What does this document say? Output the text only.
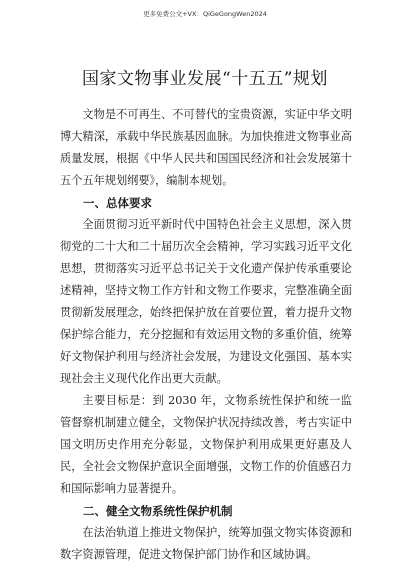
更多免费公文+VX：QiGeGongWen2024
国家文物事业发展“十五五”规划

文物是不可再生、不可替代的宝贵资源，实证中华文明博大精深，承载中华民族基因血脉。为加快推进文物事业高质量发展，根据《中华人民共和国国民经济和社会发展第十五个五年规划纲要》，编制本规划。

一、总体要求

全面贯彻习近平新时代中国特色社会主义思想，深入贯彻党的二十大和二十届历次全会精神，学习实践习近平文化思想，贯彻落实习近平总书记关于文化遗产保护传承重要论述精神，坚持文物工作方针和文物工作要求，完整准确全面贯彻新发展理念，始终把保护放在首要位置，着力提升文物保护综合能力，充分挖掘和有效运用文物的多重价值，统筹好文物保护利用与经济社会发展，为建设文化强国、基本实现社会主义现代化作出更大贡献。

主要目标是：到 2030 年，文物系统性保护和统一监管督察机制建立健全，文物保护状况持续改善，考古实证中国文明历史作用充分彰显，文物保护利用成果更好惠及人民，全社会文物保护意识全面增强，文物工作的价值感召力和国际影响力显著提升。

二、健全文物系统性保护机制

在法治轨道上推进文物保护，统筹加强文物实体资源和数字资源管理，促进文物保护部门协作和区域协调。
